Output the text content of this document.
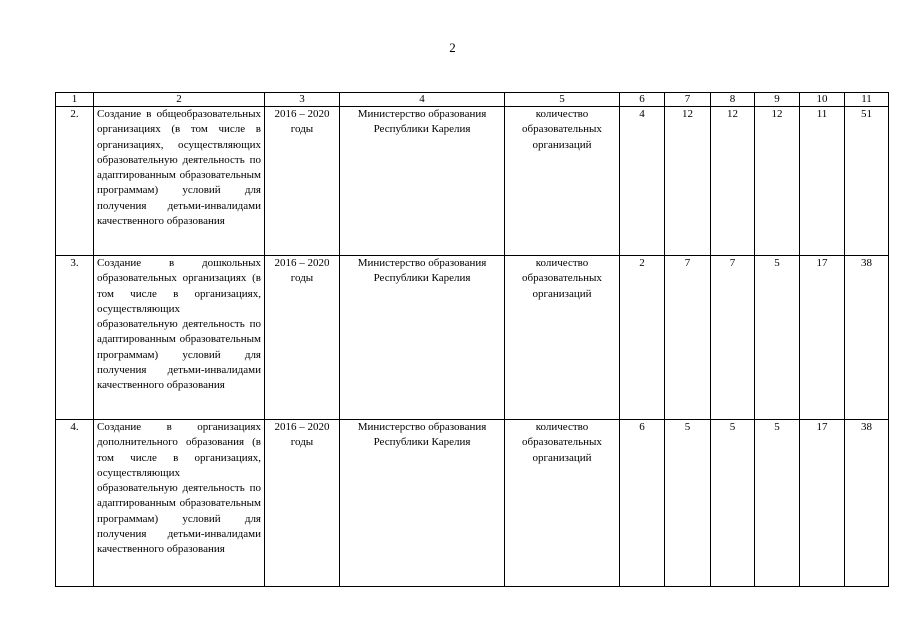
2
1	2	3	4	5	6	7	8	9	10	11
2.	Создание в общеобразовательных организациях (в том числе в организациях, осуществляющих образовательную деятельность по адаптированным образовательным программам) условий для получения детьми-инвалидами качественного образования	2016 – 2020 годы	Министерство образования Республики Карелия	количество образовательных организаций	4	12	12	12	11	51
3.	Создание в дошкольных образовательных организациях (в том числе в организациях, осуществляющих образовательную деятельность по адаптированным образовательным программам) условий для получения детьми-инвалидами качественного образования	2016 – 2020 годы	Министерство образования Республики Карелия	количество образовательных организаций	2	7	7	5	17	38
4.	Создание в организациях дополнительного образования (в том числе в организациях, осуществляющих образовательную деятельность по адаптированным образовательным программам) условий для получения детьми-инвалидами качественного образования	2016 – 2020 годы	Министерство образования Республики Карелия	количество образовательных организаций	6	5	5	5	17	38
